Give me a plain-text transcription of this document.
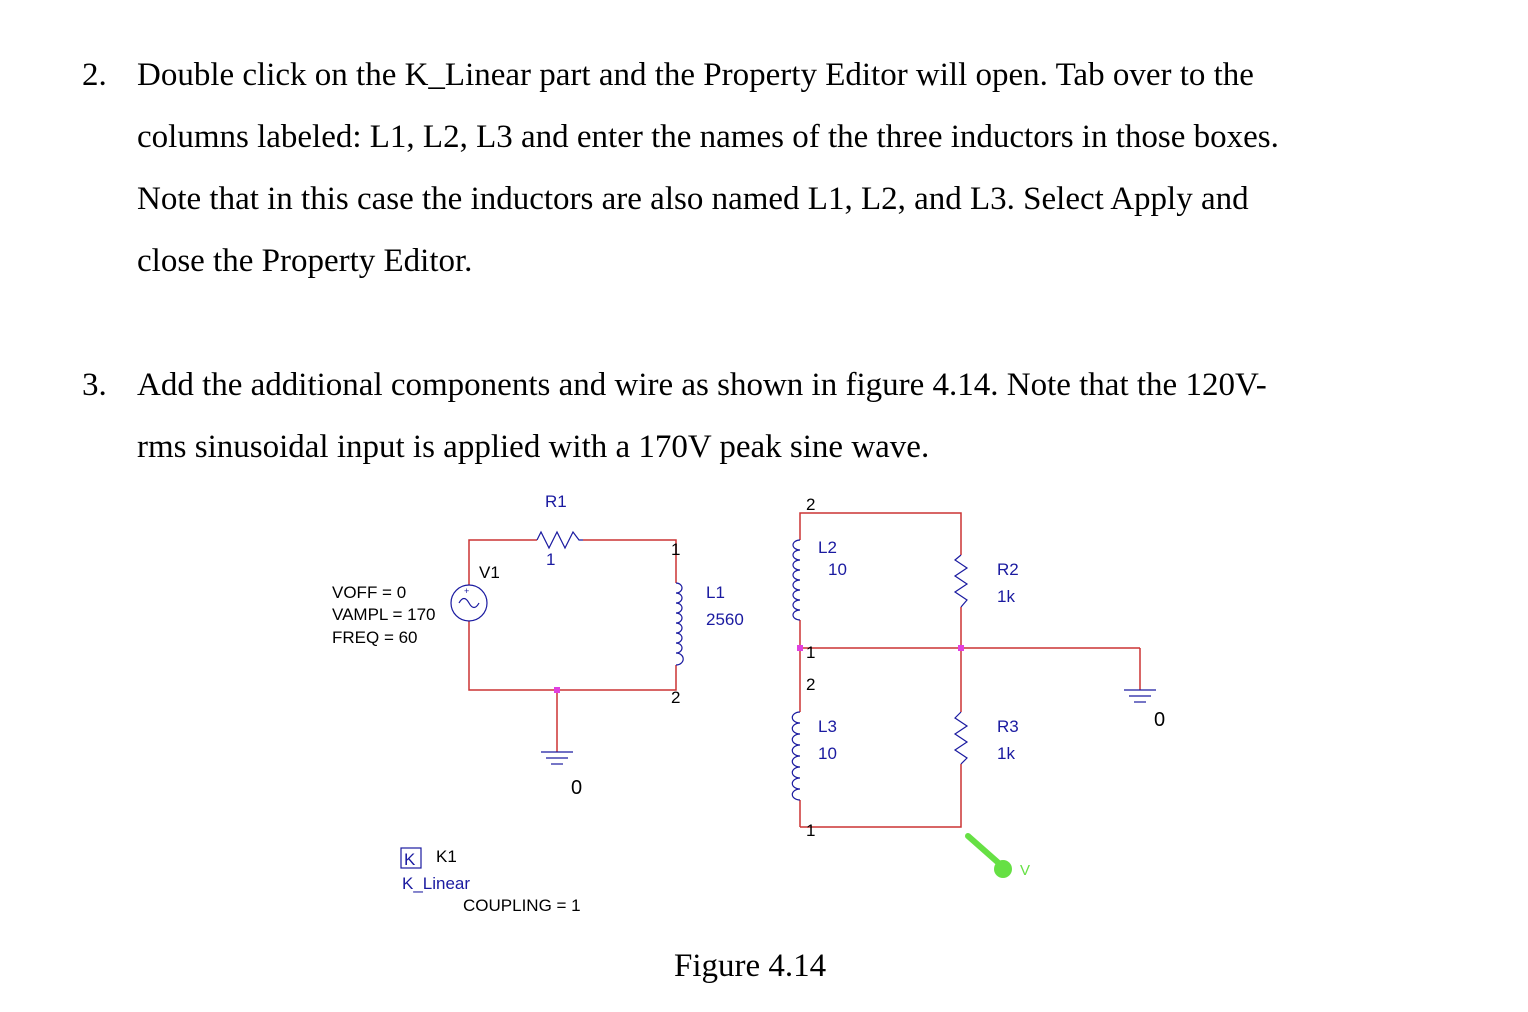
2. Double click on the K_Linear part and the Property Editor will open. Tab over to the
columns labeled: L1, L2, L3 and enter the names of the three inductors in those boxes.
Note that in this case the inductors are also named L1, L2, and L3. Select Apply and
close the Property Editor.
3. Add the additional components and wire as shown in figure 4.14. Note that the 120V-
rms sinusoidal input is applied with a 170V peak sine wave.
+
R1
1
V1
VOFF = 0
VAMPL = 170
FREQ = 60
1
2
L1
2560
2
L2
10
1
2
L3
10
1
R2
1k
R3
1k
0
0
K K1
K_Linear
COUPLING = 1
V
Figure 4.14
